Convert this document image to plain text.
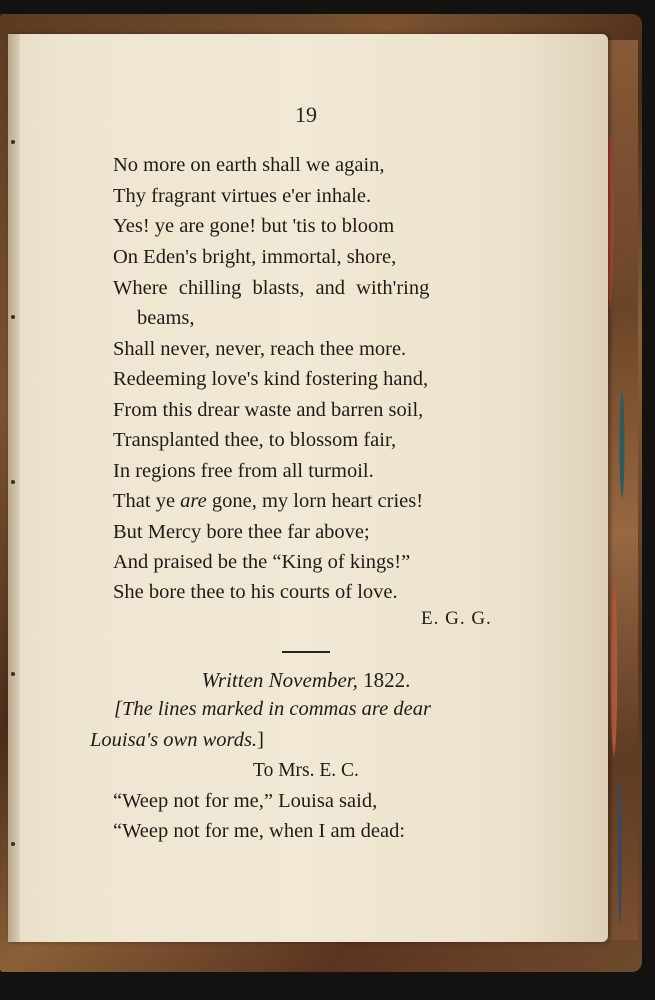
19
No more on earth shall we again,
Thy fragrant virtues e'er inhale.
Yes! ye are gone! but 'tis to bloom
On Eden's bright, immortal, shore,
Where chilling blasts, and with'ring
beams,
Shall never, never, reach thee more.
Redeeming love's kind fostering hand,
From this drear waste and barren soil,
Transplanted thee, to blossom fair,
In regions free from all turmoil.
That ye are gone, my lorn heart cries!
But Mercy bore thee far above;
And praised be the “King of kings!”
She bore thee to his courts of love.
E. G. G.
Written November, 1822.
[The lines marked in commas are dear
Louisa's own words.]
To Mrs. E. C.
“Weep not for me,” Louisa said,
“Weep not for me, when I am dead:
